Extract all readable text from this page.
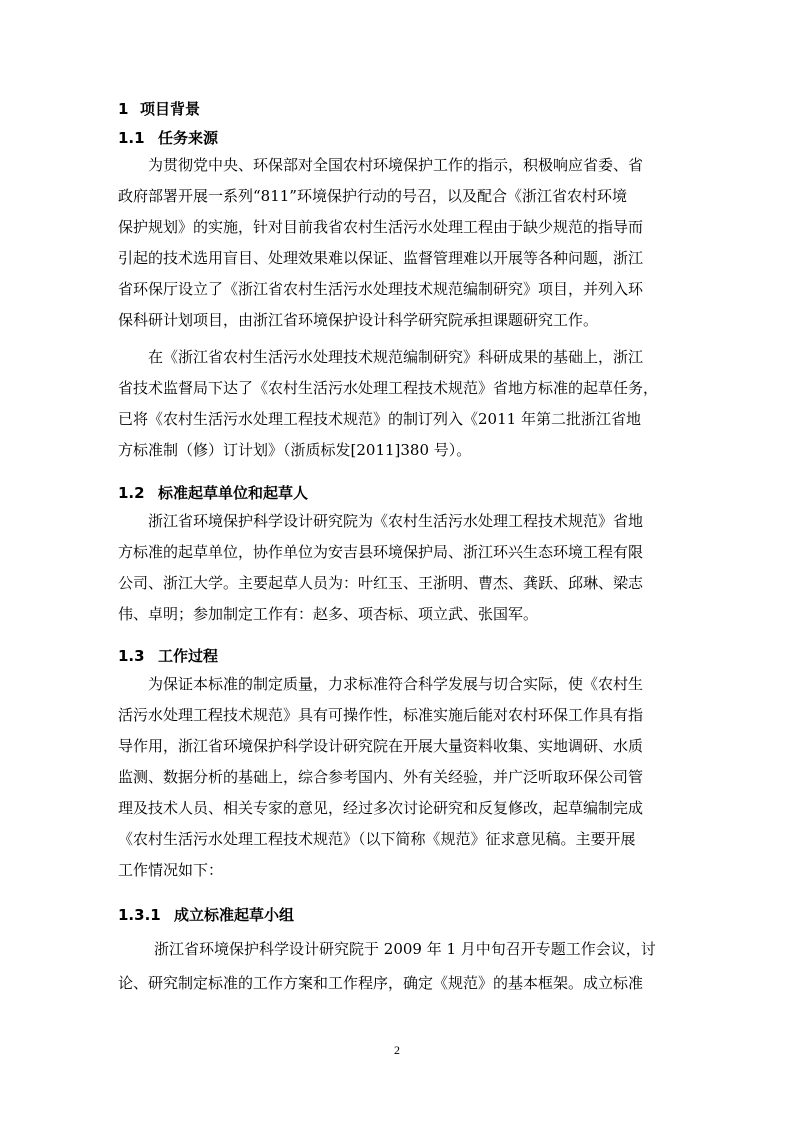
1 项目背景
1.1 任务来源
为贯彻党中央、环保部对全国农村环境保护工作的指示，积极响应省委、省
政府部署开展一系列“811”环境保护行动的号召，以及配合《浙江省农村环境
保护规划》的实施，针对目前我省农村生活污水处理工程由于缺少规范的指导而
引起的技术选用盲目、处理效果难以保证、监督管理难以开展等各种问题，浙江
省环保厅设立了《浙江省农村生活污水处理技术规范编制研究》项目，并列入环
保科研计划项目，由浙江省环境保护设计科学研究院承担课题研究工作。
在《浙江省农村生活污水处理技术规范编制研究》科研成果的基础上，浙江
省技术监督局下达了《农村生活污水处理工程技术规范》省地方标准的起草任务，
已将《农村生活污水处理工程技术规范》的制订列入《2011 年第二批浙江省地
方标准制（修）订计划》（浙质标发[2011]380 号）。
1.2 标准起草单位和起草人
浙江省环境保护科学设计研究院为《农村生活污水处理工程技术规范》省地
方标准的起草单位，协作单位为安吉县环境保护局、浙江环兴生态环境工程有限
公司、浙江大学。主要起草人员为：叶红玉、王浙明、曹杰、龚跃、邱琳、梁志
伟、卓明；参加制定工作有：赵多、项杏标、项立武、张国军。
1.3 工作过程
为保证本标准的制定质量，力求标准符合科学发展与切合实际，使《农村生
活污水处理工程技术规范》具有可操作性，标准实施后能对农村环保工作具有指
导作用，浙江省环境保护科学设计研究院在开展大量资料收集、实地调研、水质
监测、数据分析的基础上，综合参考国内、外有关经验，并广泛听取环保公司管
理及技术人员、相关专家的意见，经过多次讨论研究和反复修改，起草编制完成
《农村生活污水处理工程技术规范》（以下简称《规范》征求意见稿。主要开展
工作情况如下：
1.3.1 成立标准起草小组
浙江省环境保护科学设计研究院于 2009 年 1 月中旬召开专题工作会议，讨
论、研究制定标准的工作方案和工作程序，确定《规范》的基本框架。成立标准
2
